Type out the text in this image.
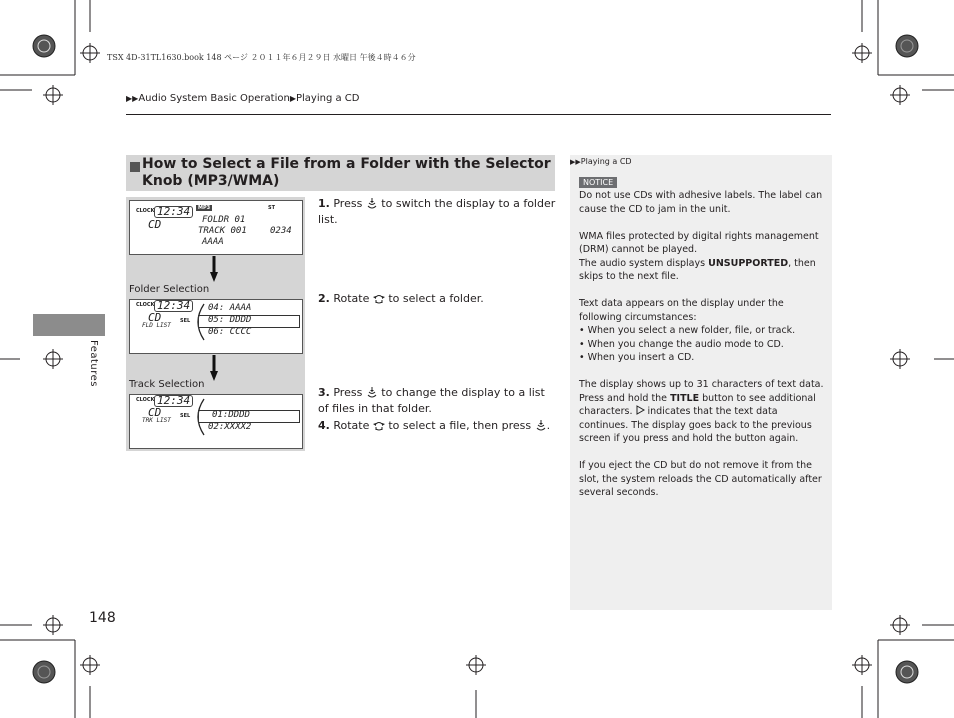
TSX 4D-31TL1630.book 148 ページ ２０１１年６月２９日 水曜日 午後４時４６分
▶▶Audio System Basic Operation▶Playing a CD
Features
148
How to Select a File from a Folder with the Selector Knob (MP3/WMA)
CLOCK 12:34
CD
MP3	ST
FOLDR 01
TRACK 001	0234
AAAA
Folder Selection
CLOCK 12:34
CD
FLD LIST
SEL
04: AAAA
05: DDDD
06: CCCC
Track Selection
CLOCK 12:34
CD
TRK LIST
SEL 01:DDDD
02:XXXX2
1. Press to switch the display to a folder list.
2. Rotate to select a folder.
3. Press to change the display to a list of files in that folder.
4. Rotate to select a file, then press .
▶▶Playing a CD
NOTICE

Do not use CDs with adhesive labels. The label can cause the CD to jam in the unit.

WMA files protected by digital rights management (DRM) cannot be played.

The audio system displays UNSUPPORTED, then skips to the next file.

Text data appears on the display under the following circumstances:

• When you select a new folder, file, or track.
• When you change the audio mode to CD.
• When you insert a CD.

The display shows up to 31 characters of text data. Press and hold the TITLE button to see additional characters.  indicates that the text data continues. The display goes back to the previous screen if you press and hold the button again.

If you eject the CD but do not remove it from the slot, the system reloads the CD automatically after several seconds.
